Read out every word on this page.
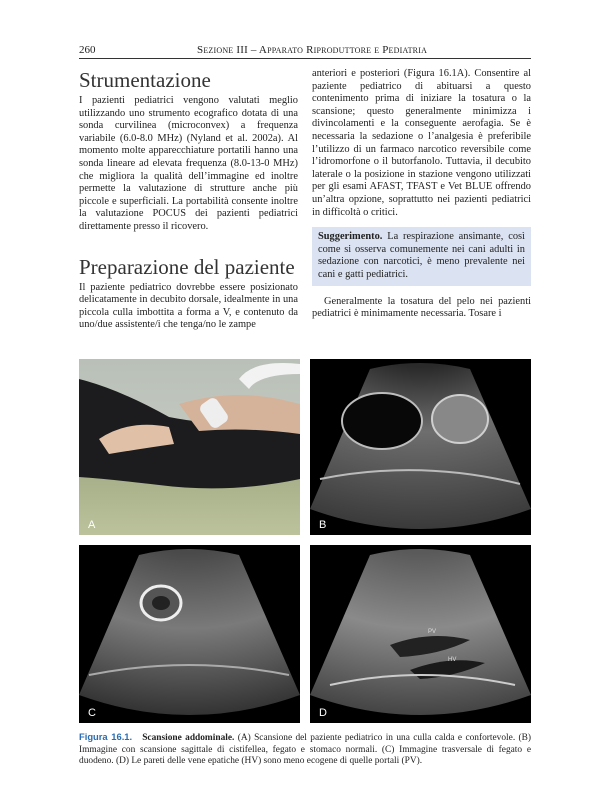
260	Sezione III – Apparato Riproduttore e Pediatria
Strumentazione

I pazienti pediatrici vengono valutati meglio utilizzando uno strumento ecografico dotata di una sonda curvilinea (microconvex) a frequenza variabile (6.0-8.0 MHz) (Nyland et al. 2002a). Al momento molte apparecchiature portatili hanno una sonda lineare ad elevata frequenza (8.0-13-0 MHz) che migliora la qualità dell’immagine ed inoltre permette la valutazione di strutture anche più piccole e superficiali. La portabilità consente inoltre la valutazione POCUS dei pazienti pediatrici direttamente presso il ricovero.

Preparazione del paziente

Il paziente pediatrico dovrebbe essere posizionato delicatamente in decubito dorsale, idealmente in una piccola culla imbottita a forma a V, e contenuto da uno/due assistente/i che tenga/no le zampe

anteriori e posteriori (Figura 16.1A). Consentire al paziente pediatrico di abituarsi a questo contenimento prima di iniziare la tosatura o la scansione; questo generalmente minimizza i divincolamenti e la conseguente aerofagia. Se è necessaria la sedazione o l’analgesia è preferibile l’utilizzo di un farmaco narcotico reversibile come l’idromorfone o il butorfanolo. Tuttavia, il decubito laterale o la posizione in stazione vengono utilizzati per gli esami AFAST, TFAST e Vet BLUE offrendo un’altra opzione, soprattutto nei pazienti pediatrici in difficoltà o critici.

Suggerimento. La respirazione ansimante, così come si osserva comunemente nei cani adulti in sedazione con narcotici, è meno prevalente nei cani e gatti pediatrici.

Generalmente la tosatura del pelo nei pazienti pediatrici è minimamente necessaria. Tosare i

A	B
C
PV
HV
D
Figura 16.1. Scansione addominale. (A) Scansione del paziente pediatrico in una culla calda e confortevole. (B) Immagine con scansione sagittale di cistifellea, fegato e stomaco normali. (C) Immagine trasversale di fegato e duodeno. (D) Le pareti delle vene epatiche (HV) sono meno ecogene di quelle portali (PV).
